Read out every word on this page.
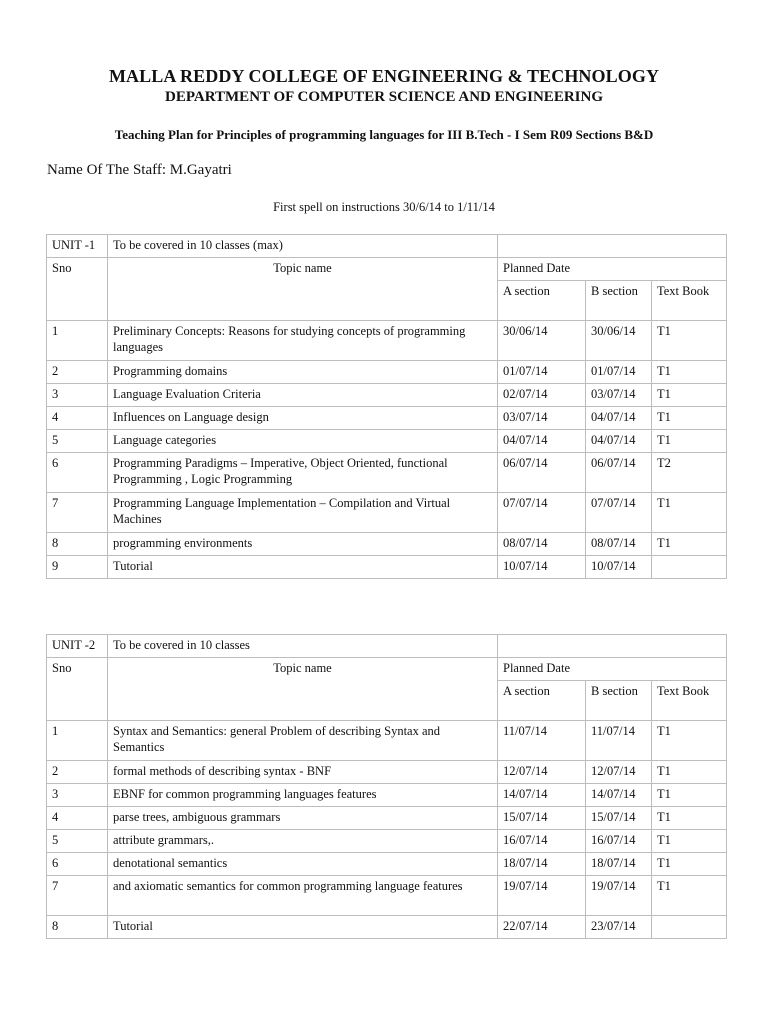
MALLA REDDY COLLEGE OF ENGINEERING & TECHNOLOGY
DEPARTMENT OF COMPUTER SCIENCE AND ENGINEERING
Teaching Plan for Principles of programming languages for III B.Tech - I Sem R09 Sections B&D
Name Of The Staff: M.Gayatri
First spell on instructions 30/6/14 to 1/11/14
UNIT -1	To be covered in 10 classes (max)			
Sno	Topic name	Planned Date		
		A section	B section	Text Book
1	Preliminary Concepts: Reasons for studying concepts of programming languages	30/06/14	30/06/14	T1
2	Programming domains	01/07/14	01/07/14	T1
3	Language Evaluation Criteria	02/07/14	03/07/14	T1
4	Influences on Language design	03/07/14	04/07/14	T1
5	Language categories	04/07/14	04/07/14	T1
6	Programming Paradigms – Imperative, Object Oriented, functional Programming , Logic Programming	06/07/14	06/07/14	T2
7	Programming Language Implementation – Compilation and Virtual Machines	07/07/14	07/07/14	T1
8	programming environments	08/07/14	08/07/14	T1
9	Tutorial	10/07/14	10/07/14	
UNIT -2	To be covered in 10 classes			
Sno	Topic name	Planned Date		
		A section	B section	Text Book
1	Syntax and Semantics: general Problem of describing Syntax and Semantics	11/07/14	11/07/14	T1
2	formal methods of describing syntax - BNF	12/07/14	12/07/14	T1
3	EBNF for common programming languages features	14/07/14	14/07/14	T1
4	parse trees, ambiguous grammars	15/07/14	15/07/14	T1
5	attribute grammars,.	16/07/14	16/07/14	T1
6	denotational semantics	18/07/14	18/07/14	T1
7	and axiomatic semantics for common programming language features	19/07/14	19/07/14	T1
8	Tutorial	22/07/14	23/07/14	
